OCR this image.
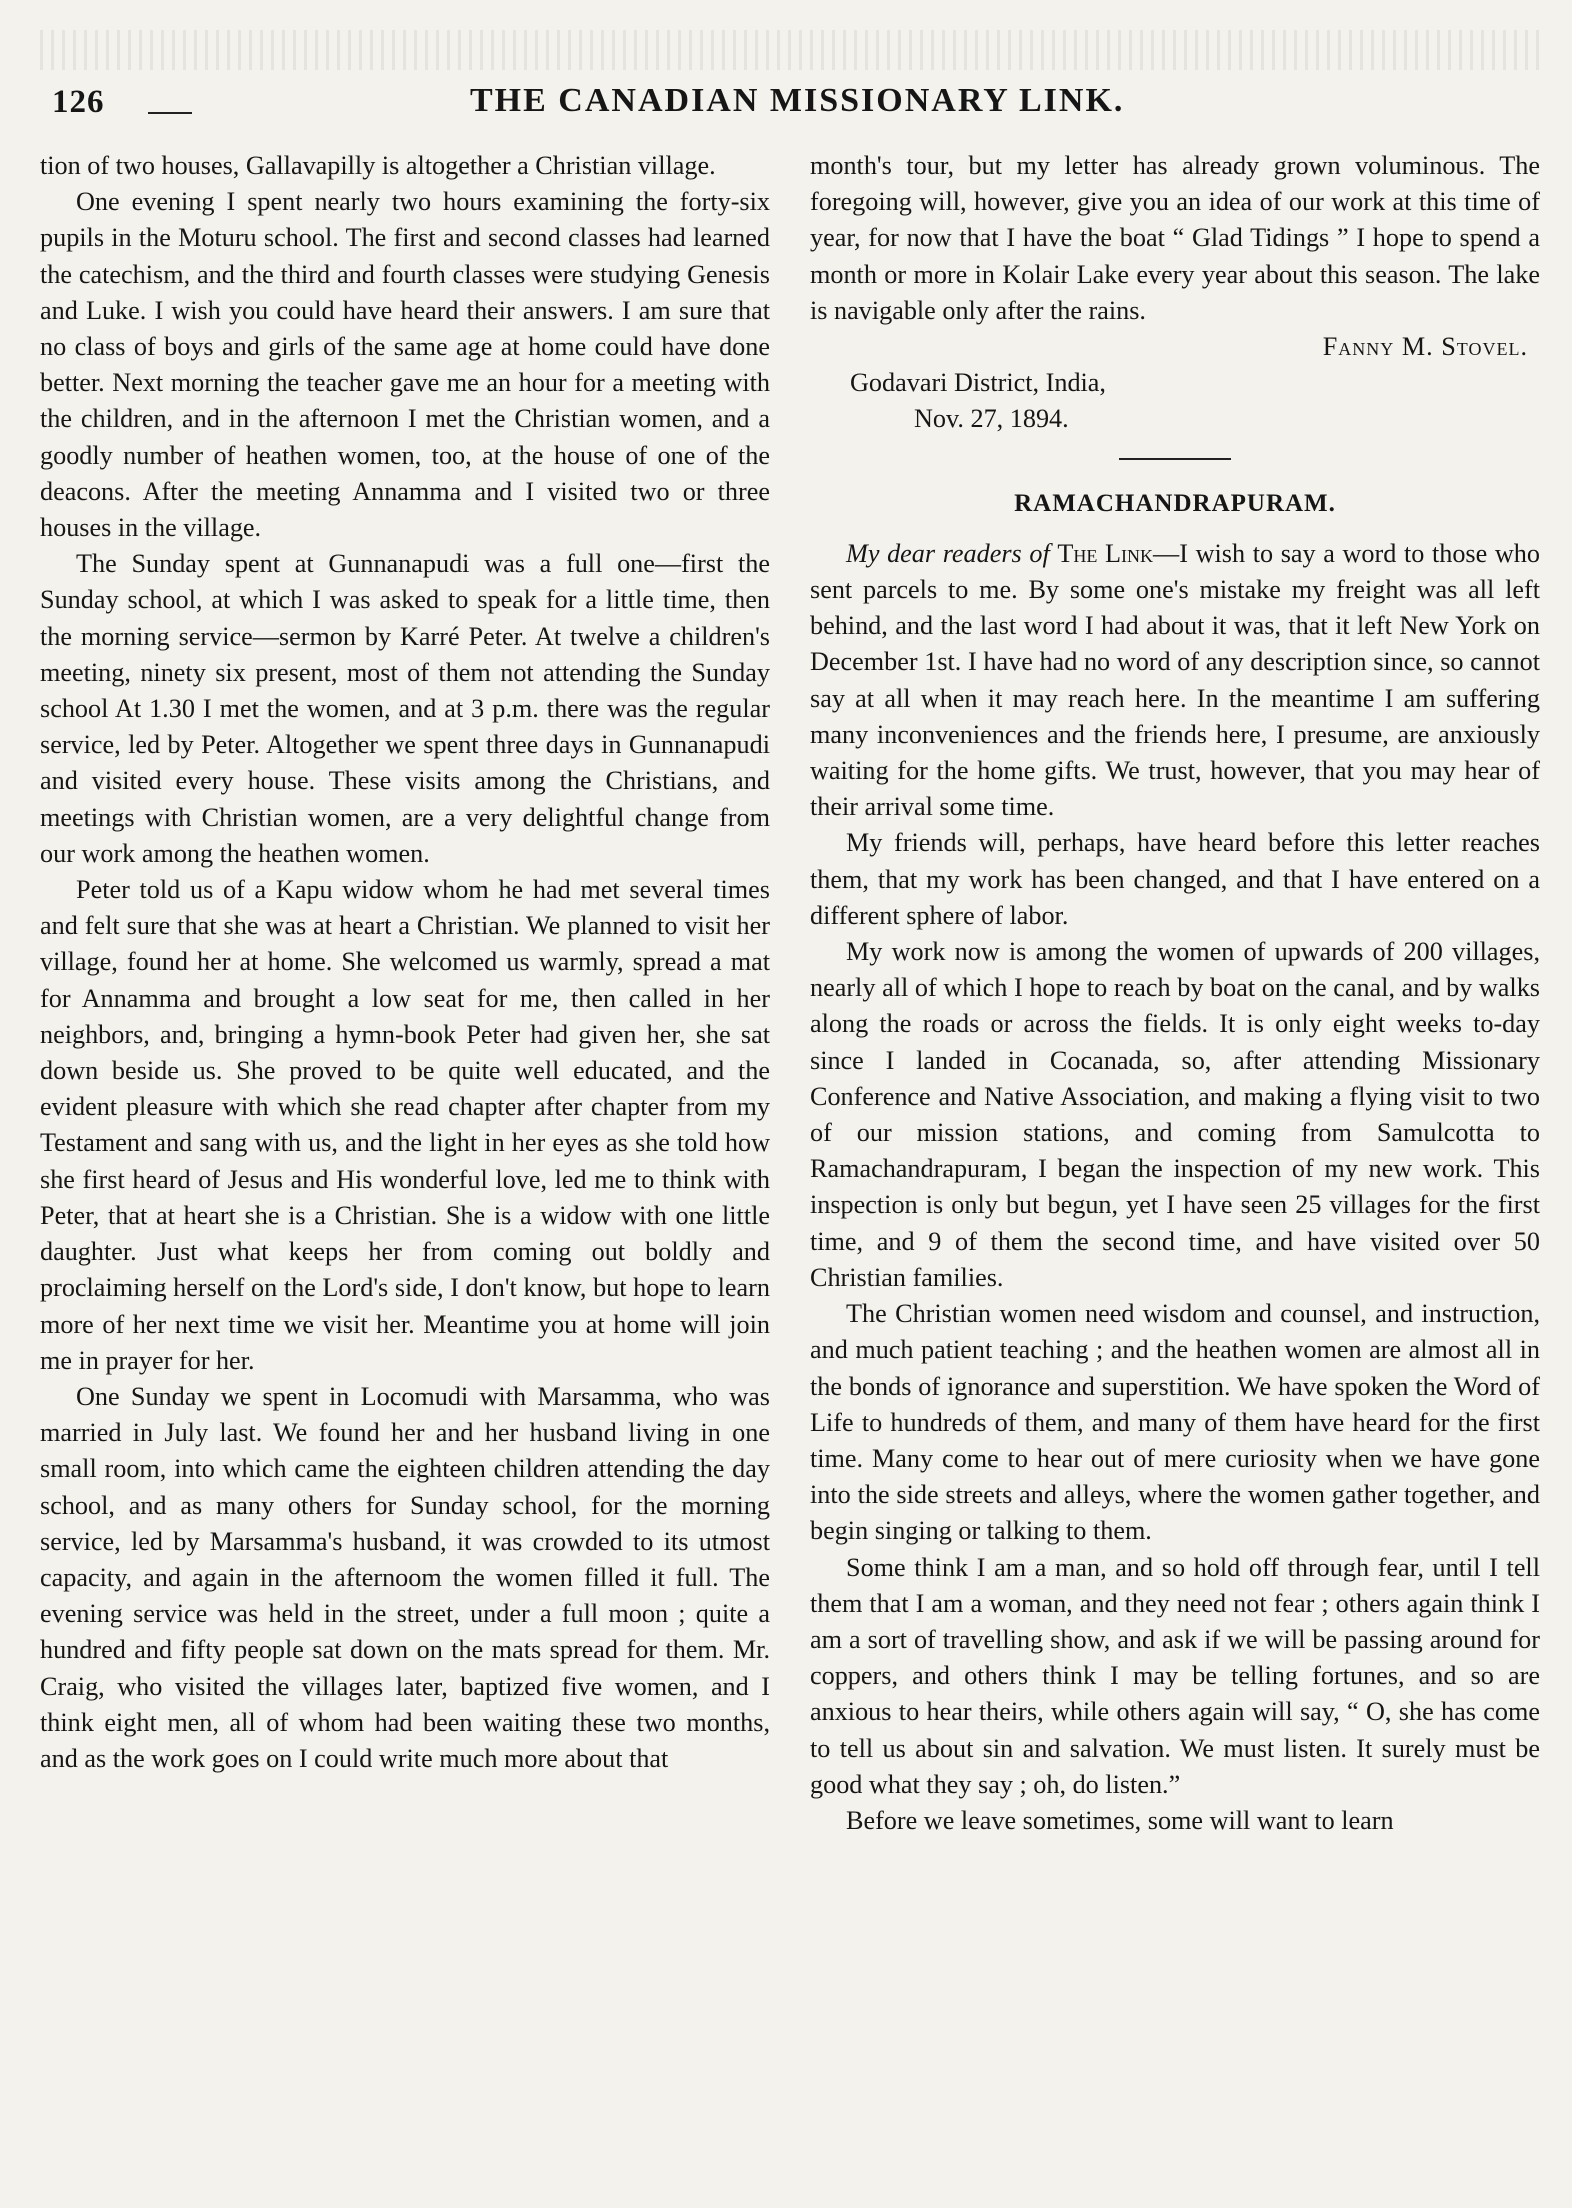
126	THE CANADIAN MISSIONARY LINK.

tion of two houses, Gallavapilly is altogether a Christian village.

One evening I spent nearly two hours examining the forty-six pupils in the Moturu school. The first and second classes had learned the catechism, and the third and fourth classes were studying Genesis and Luke. I wish you could have heard their answers. I am sure that no class of boys and girls of the same age at home could have done better. Next morning the teacher gave me an hour for a meeting with the children, and in the afternoon I met the Christian women, and a goodly number of heathen women, too, at the house of one of the deacons. After the meeting Annamma and I visited two or three houses in the village.

The Sunday spent at Gunnanapudi was a full one—first the Sunday school, at which I was asked to speak for a little time, then the morning service—sermon by Karré Peter. At twelve a children's meeting, ninety six present, most of them not attending the Sunday school At 1.30 I met the women, and at 3 p.m. there was the regular service, led by Peter. Altogether we spent three days in Gunnanapudi and visited every house. These visits among the Christians, and meetings with Christian women, are a very delightful change from our work among the heathen women.

Peter told us of a Kapu widow whom he had met several times and felt sure that she was at heart a Christian. We planned to visit her village, found her at home. She welcomed us warmly, spread a mat for Annamma and brought a low seat for me, then called in her neighbors, and, bringing a hymn-book Peter had given her, she sat down beside us. She proved to be quite well educated, and the evident pleasure with which she read chapter after chapter from my Testament and sang with us, and the light in her eyes as she told how she first heard of Jesus and His wonderful love, led me to think with Peter, that at heart she is a Christian. She is a widow with one little daughter. Just what keeps her from coming out boldly and proclaiming herself on the Lord's side, I don't know, but hope to learn more of her next time we visit her. Meantime you at home will join me in prayer for her.

One Sunday we spent in Locomudi with Marsamma, who was married in July last. We found her and her husband living in one small room, into which came the eighteen children attending the day school, and as many others for Sunday school, for the morning service, led by Marsamma's husband, it was crowded to its utmost capacity, and again in the afternoom the women filled it full. The evening service was held in the street, under a full moon ; quite a hundred and fifty people sat down on the mats spread for them. Mr. Craig, who visited the villages later, baptized five women, and I think eight men, all of whom had been waiting these two months, and as the work goes on I could write much more about that

month's tour, but my letter has already grown voluminous. The foregoing will, however, give you an idea of our work at this time of year, for now that I have the boat “ Glad Tidings ” I hope to spend a month or more in Kolair Lake every year about this season. The lake is navigable only after the rains.

Fanny M. Stovel.

Godavari District, India,

Nov. 27, 1894.

RAMACHANDRAPURAM.

My dear readers of The Link—I wish to say a word to those who sent parcels to me. By some one's mistake my freight was all left behind, and the last word I had about it was, that it left New York on December 1st. I have had no word of any description since, so cannot say at all when it may reach here. In the meantime I am suffering many inconveniences and the friends here, I presume, are anxiously waiting for the home gifts. We trust, however, that you may hear of their arrival some time.

My friends will, perhaps, have heard before this letter reaches them, that my work has been changed, and that I have entered on a different sphere of labor.

My work now is among the women of upwards of 200 villages, nearly all of which I hope to reach by boat on the canal, and by walks along the roads or across the fields. It is only eight weeks to-day since I landed in Cocanada, so, after attending Missionary Conference and Native Association, and making a flying visit to two of our mission stations, and coming from Samulcotta to Ramachandrapuram, I began the inspection of my new work. This inspection is only but begun, yet I have seen 25 villages for the first time, and 9 of them the second time, and have visited over 50 Christian families.

The Christian women need wisdom and counsel, and instruction, and much patient teaching ; and the heathen women are almost all in the bonds of ignorance and superstition. We have spoken the Word of Life to hundreds of them, and many of them have heard for the first time. Many come to hear out of mere curiosity when we have gone into the side streets and alleys, where the women gather together, and begin singing or talking to them.

Some think I am a man, and so hold off through fear, until I tell them that I am a woman, and they need not fear ; others again think I am a sort of travelling show, and ask if we will be passing around for coppers, and others think I may be telling fortunes, and so are anxious to hear theirs, while others again will say, “ O, she has come to tell us about sin and salvation. We must listen. It surely must be good what they say ; oh, do listen.”

Before we leave sometimes, some will want to learn
